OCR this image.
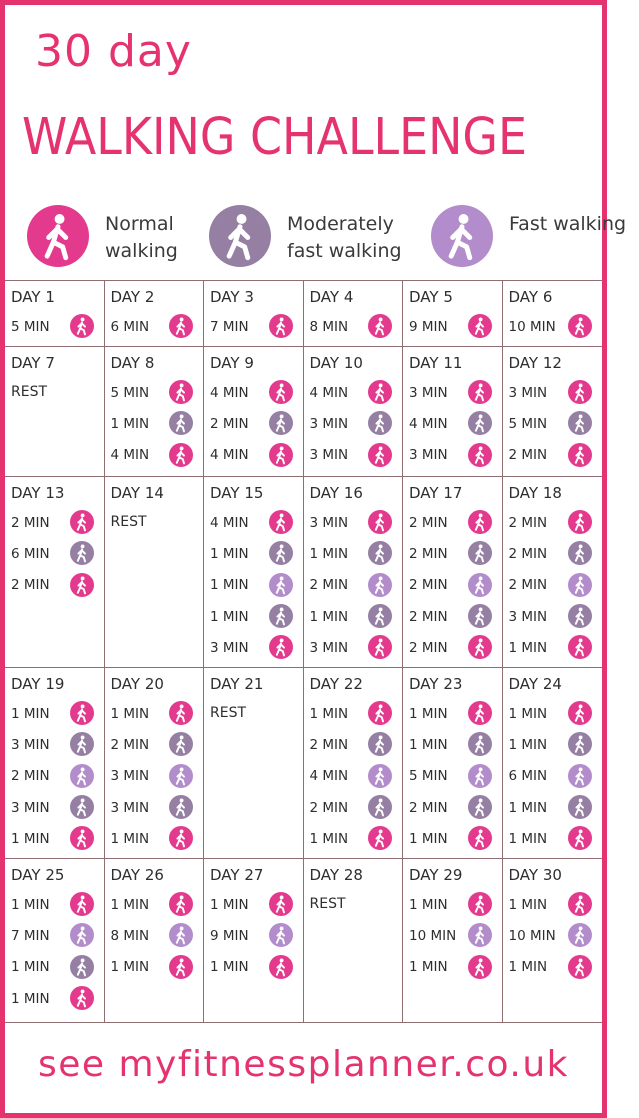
30 day
WALKING CHALLENGE
Normal walking
Moderately fast walking
Fast walking
DAY 1
5 MIN
DAY 2
6 MIN
DAY 3
7 MIN
DAY 4
8 MIN
DAY 5
9 MIN
DAY 6
10 MIN
DAY 7
REST
DAY 8
5 MIN
1 MIN
4 MIN
DAY 9
4 MIN
2 MIN
4 MIN
DAY 10
4 MIN
3 MIN
3 MIN
DAY 11
3 MIN
4 MIN
3 MIN
DAY 12
3 MIN
5 MIN
2 MIN
DAY 13
2 MIN
6 MIN
2 MIN
DAY 14
REST
DAY 15
4 MIN
1 MIN
1 MIN
1 MIN
3 MIN
DAY 16
3 MIN
1 MIN
2 MIN
1 MIN
3 MIN
DAY 17
2 MIN
2 MIN
2 MIN
2 MIN
2 MIN
DAY 18
2 MIN
2 MIN
2 MIN
3 MIN
1 MIN
DAY 19
1 MIN
3 MIN
2 MIN
3 MIN
1 MIN
DAY 20
1 MIN
2 MIN
3 MIN
3 MIN
1 MIN
DAY 21
REST
DAY 22
1 MIN
2 MIN
4 MIN
2 MIN
1 MIN
DAY 23
1 MIN
1 MIN
5 MIN
2 MIN
1 MIN
DAY 24
1 MIN
1 MIN
6 MIN
1 MIN
1 MIN
DAY 25
1 MIN
7 MIN
1 MIN
1 MIN
DAY 26
1 MIN
8 MIN
1 MIN
DAY 27
1 MIN
9 MIN
1 MIN
DAY 28
REST
DAY 29
1 MIN
10 MIN
1 MIN
DAY 30
1 MIN
10 MIN
1 MIN
see myfitnessplanner.co.uk
